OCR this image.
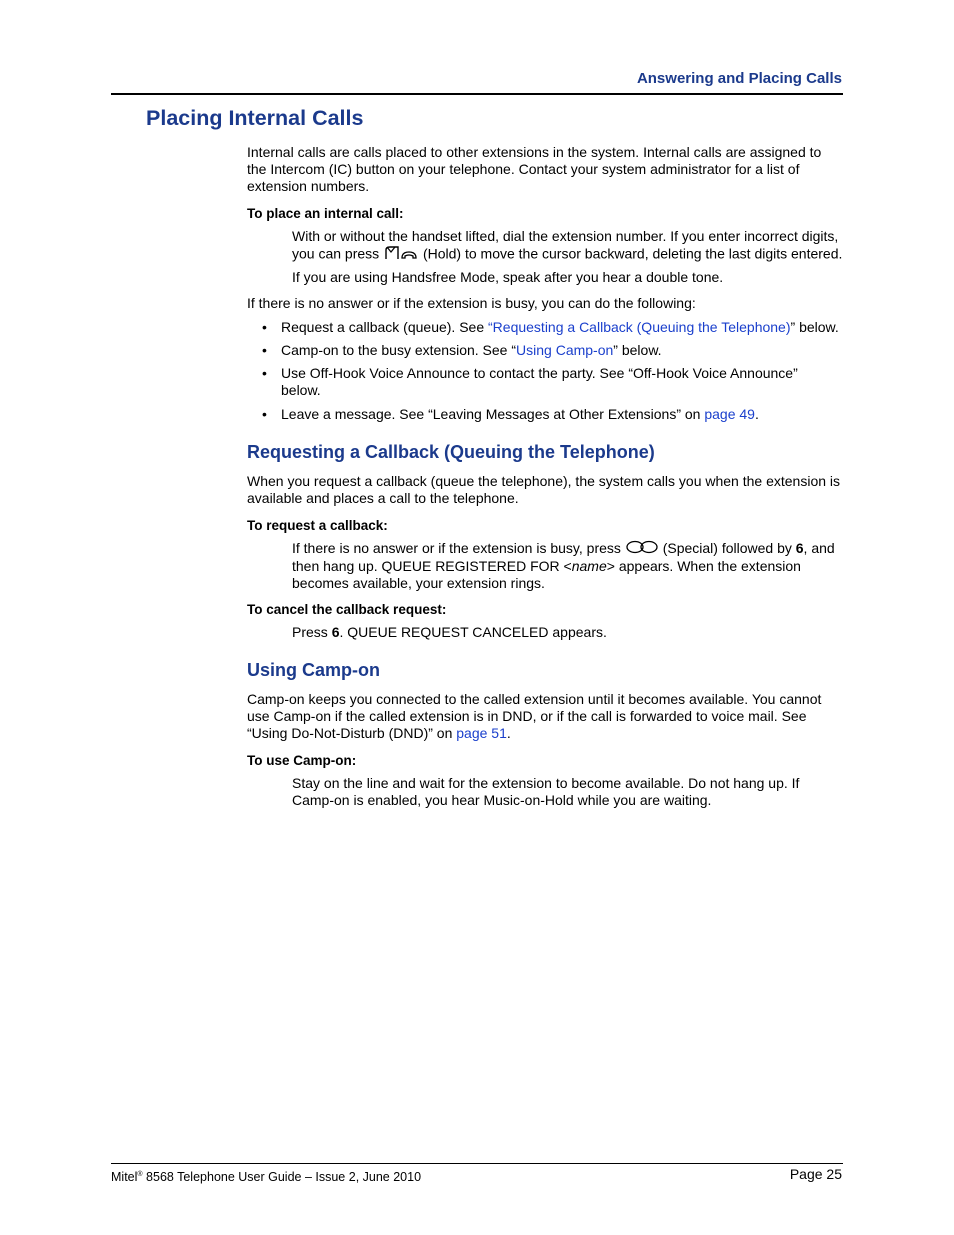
Answering and Placing Calls
Placing Internal Calls
Internal calls are calls placed to other extensions in the system. Internal calls are assigned to
the Intercom (IC) button on your telephone. Contact your system administrator for a list of
extension numbers.
To place an internal call:
With or without the handset lifted, dial the extension number. If you enter incorrect digits,
you can press	(Hold) to move the cursor backward, deleting the last digits entered.
If you are using Handsfree Mode, speak after you hear a double tone.
If there is no answer or if the extension is busy, you can do the following:
• Request a callback (queue). See “Requesting a Callback (Queuing the Telephone)” below.
• Camp-on to the busy extension. See “Using Camp-on” below.
• Use Off-Hook Voice Announce to contact the party. See “Off-Hook Voice Announce”
below.
• Leave a message. See “Leaving Messages at Other Extensions” on page 49.
Requesting a Callback (Queuing the Telephone)
When you request a callback (queue the telephone), the system calls you when the extension is
available and places a call to the telephone.
To request a callback:
If there is no answer or if the extension is busy, press	(Special) followed by 6, and
then hang up. QUEUE REGISTERED FOR <name> appears. When the extension
becomes available, your extension rings.
To cancel the callback request:
Press 6. QUEUE REQUEST CANCELED appears.
Using Camp-on
Camp-on keeps you connected to the called extension until it becomes available. You cannot
use Camp-on if the called extension is in DND, or if the call is forwarded to voice mail. See
“Using Do-Not-Disturb (DND)” on page 51.
To use Camp-on:
Stay on the line and wait for the extension to become available. Do not hang up. If
Camp-on is enabled, you hear Music-on-Hold while you are waiting.
Mitel® 8568 Telephone User Guide – Issue 2, June 2010	Page 25
